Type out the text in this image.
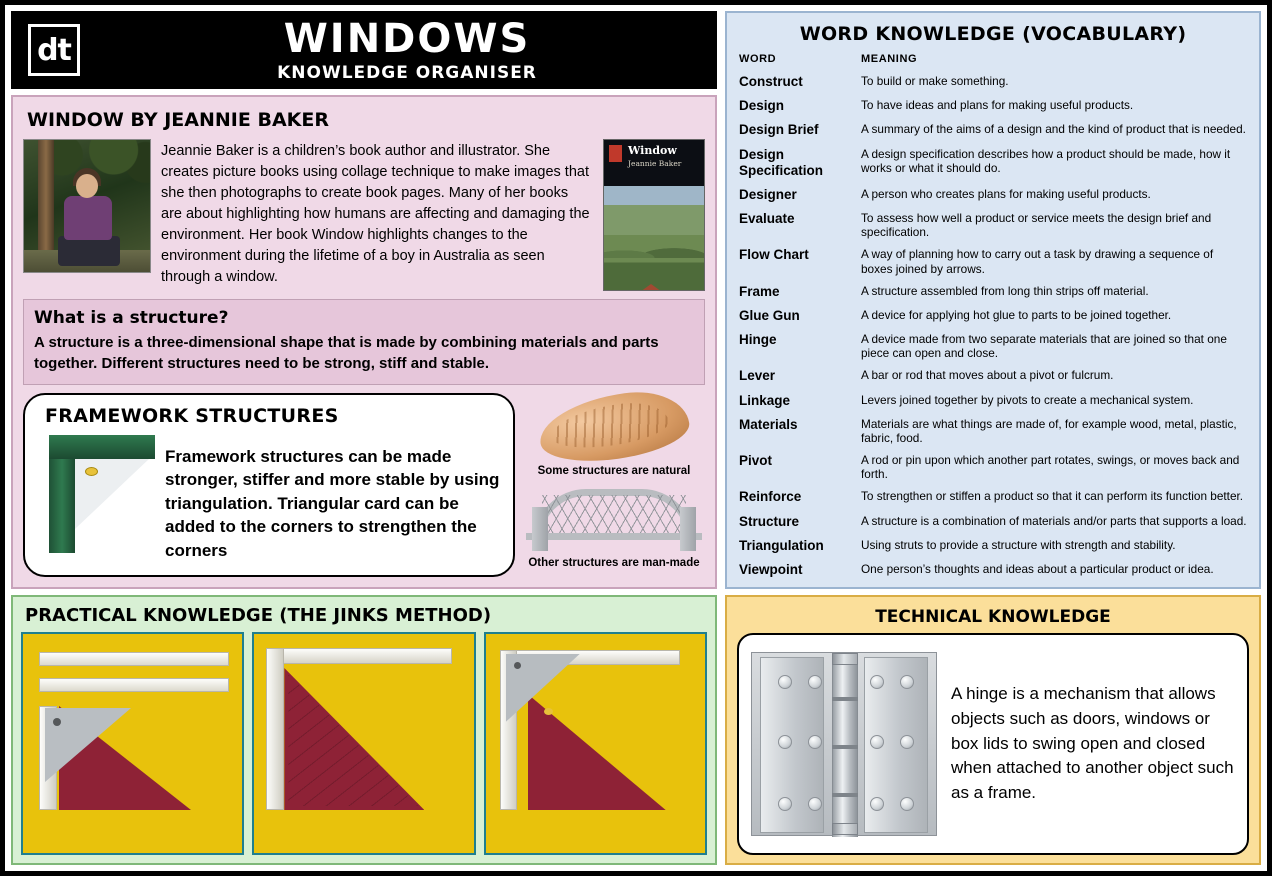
dt	WINDOWS
KNOWLEDGE ORGANISER
WINDOW BY JEANNIE BAKER
Jeannie Baker is a children’s book author and illustrator. She creates picture books using collage technique to make images that she then photographs to create book pages. Many of her books are about highlighting how humans are affecting and damaging the environment. Her book Window highlights changes to the environment during the lifetime of a boy in Australia as seen through a window.
Window
Jeannie Baker
What is a structure?
A structure is a three-dimensional shape that is made by combining materials and parts together. Different structures need to be strong, stiff and stable.
FRAMEWORK STRUCTURES
Framework structures can be made stronger, stiffer and more stable by using triangulation. Triangular card can be added to the corners to strengthen the corners
Some structures are natural
Other structures are man-made
WORD KNOWLEDGE (VOCABULARY)
WORD	MEANING
Construct	To build or make something.
Design	To have ideas and plans for making useful products.
Design Brief	A summary of the aims of a design and the kind of product that is needed.
Design Specification	A design specification describes how a product should be made, how it works or what it should do.
Designer	A person who creates plans for making useful products.
Evaluate	To assess how well a product or service meets the design brief and specification.
Flow Chart	A way of planning how to carry out a task by drawing a sequence of boxes joined by arrows.
Frame	A structure assembled from long thin strips off material.
Glue Gun	A device for applying hot glue to parts to be joined together.
Hinge	A device made from two separate materials that are joined so that one piece can open and close.
Lever	A bar or rod that moves about a pivot or fulcrum.
Linkage	Levers joined together by pivots to create a mechanical system.
Materials	Materials are what things are made of, for example wood, metal, plastic, fabric, food.
Pivot	A rod or pin upon which another part rotates, swings, or moves back and forth.
Reinforce	To strengthen or stiffen a product so that it can perform its function better.
Structure	A structure is a combination of materials and/or parts that supports a load.
Triangulation	Using struts to provide a structure with strength and stability.
Viewpoint	One person’s thoughts and ideas about a particular product or idea.
PRACTICAL KNOWLEDGE (THE JINKS METHOD)	TECHNICAL KNOWLEDGE
A hinge is a mechanism that allows objects such as doors, windows or box lids to swing open and closed when attached to another object such as a frame.
